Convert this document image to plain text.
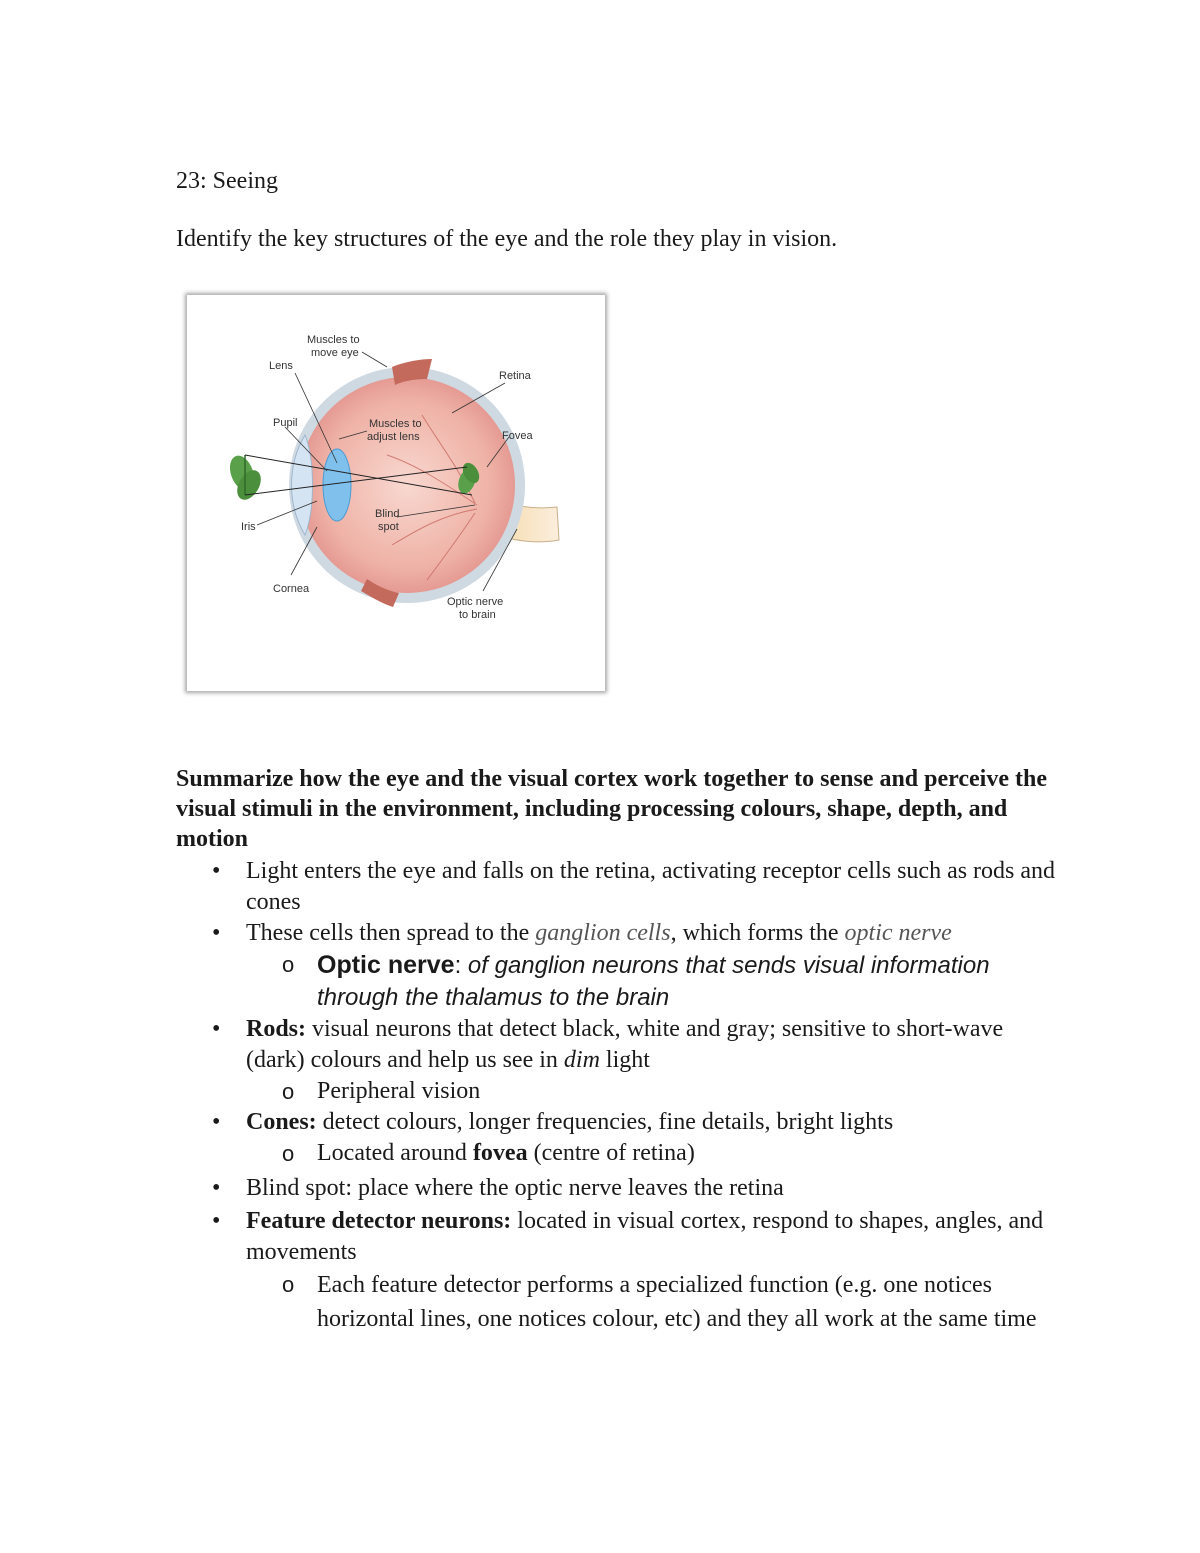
23: Seeing
Identify the key structures of the eye and the role they play in vision.
Muscles to
move eye
Lens
Retina
Pupil	Muscles to
adjust lens	Fovea
Blind
spot
Iris
Cornea
Optic nerve
to brain
Summarize how the eye and the visual cortex work together to sense and perceive the visual stimuli in the environment, including processing colours, shape, depth, and motion
• Light enters the eye and falls on the retina, activating receptor cells such as rods and cones
• These cells then spread to the ganglion cells, which forms the optic nerve
o Optic nerve: of ganglion neurons that sends visual information through the thalamus to the brain
• Rods: visual neurons that detect black, white and gray; sensitive to short-wave (dark) colours and help us see in dim light
o Peripheral vision
• Cones: detect colours, longer frequencies, fine details, bright lights
o Located around fovea (centre of retina)
• Blind spot: place where the optic nerve leaves the retina
• Feature detector neurons: located in visual cortex, respond to shapes, angles, and movements
o Each feature detector performs a specialized function (e.g. one notices horizontal lines, one notices colour, etc) and they all work at the same time
